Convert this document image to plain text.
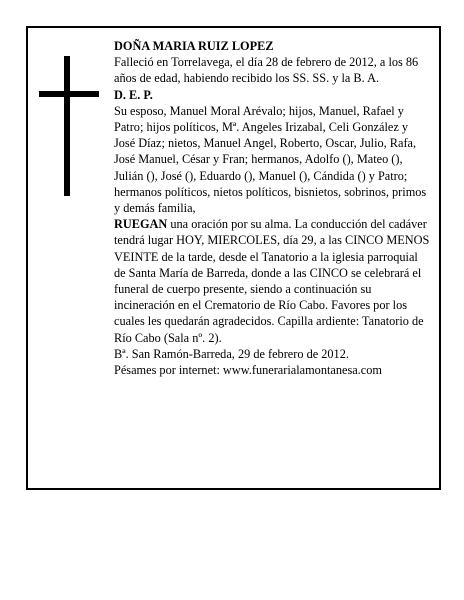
DOÑA MARIA RUIZ LOPEZ

Falleció en Torrelavega, el día 28 de febrero de 2012, a los 86 años de edad, habiendo recibido los SS. SS. y la B. A.

D. E. P.

Su esposo, Manuel Moral Arévalo; hijos, Manuel, Rafael y Patro; hijos políticos, Mª. Angeles Irizabal, Celi González y José Díaz; nietos, Manuel Angel, Roberto, Oscar, Julio, Rafa, José Manuel, César y Fran; hermanos, Adolfo (), Mateo (), Julián (), José (), Eduardo (), Manuel (), Cándida () y Patro; hermanos políticos, nietos políticos, bisnietos, sobrinos, primos y demás familia,

RUEGAN una oración por su alma. La conducción del cadáver tendrá lugar HOY, MIERCOLES, día 29, a las CINCO MENOS VEINTE de la tarde, desde el Tanatorio a la iglesia parroquial de Santa María de Barreda, donde a las CINCO se celebrará el funeral de cuerpo presente, siendo a continuación su incineración en el Crematorio de Río Cabo. Favores por los cuales les quedarán agradecidos. Capilla ardiente: Tanatorio de Río Cabo (Sala nº. 2).

Bª. San Ramón-Barreda, 29 de febrero de 2012.

Pésames por internet: www.funerarialamontanesa.com
